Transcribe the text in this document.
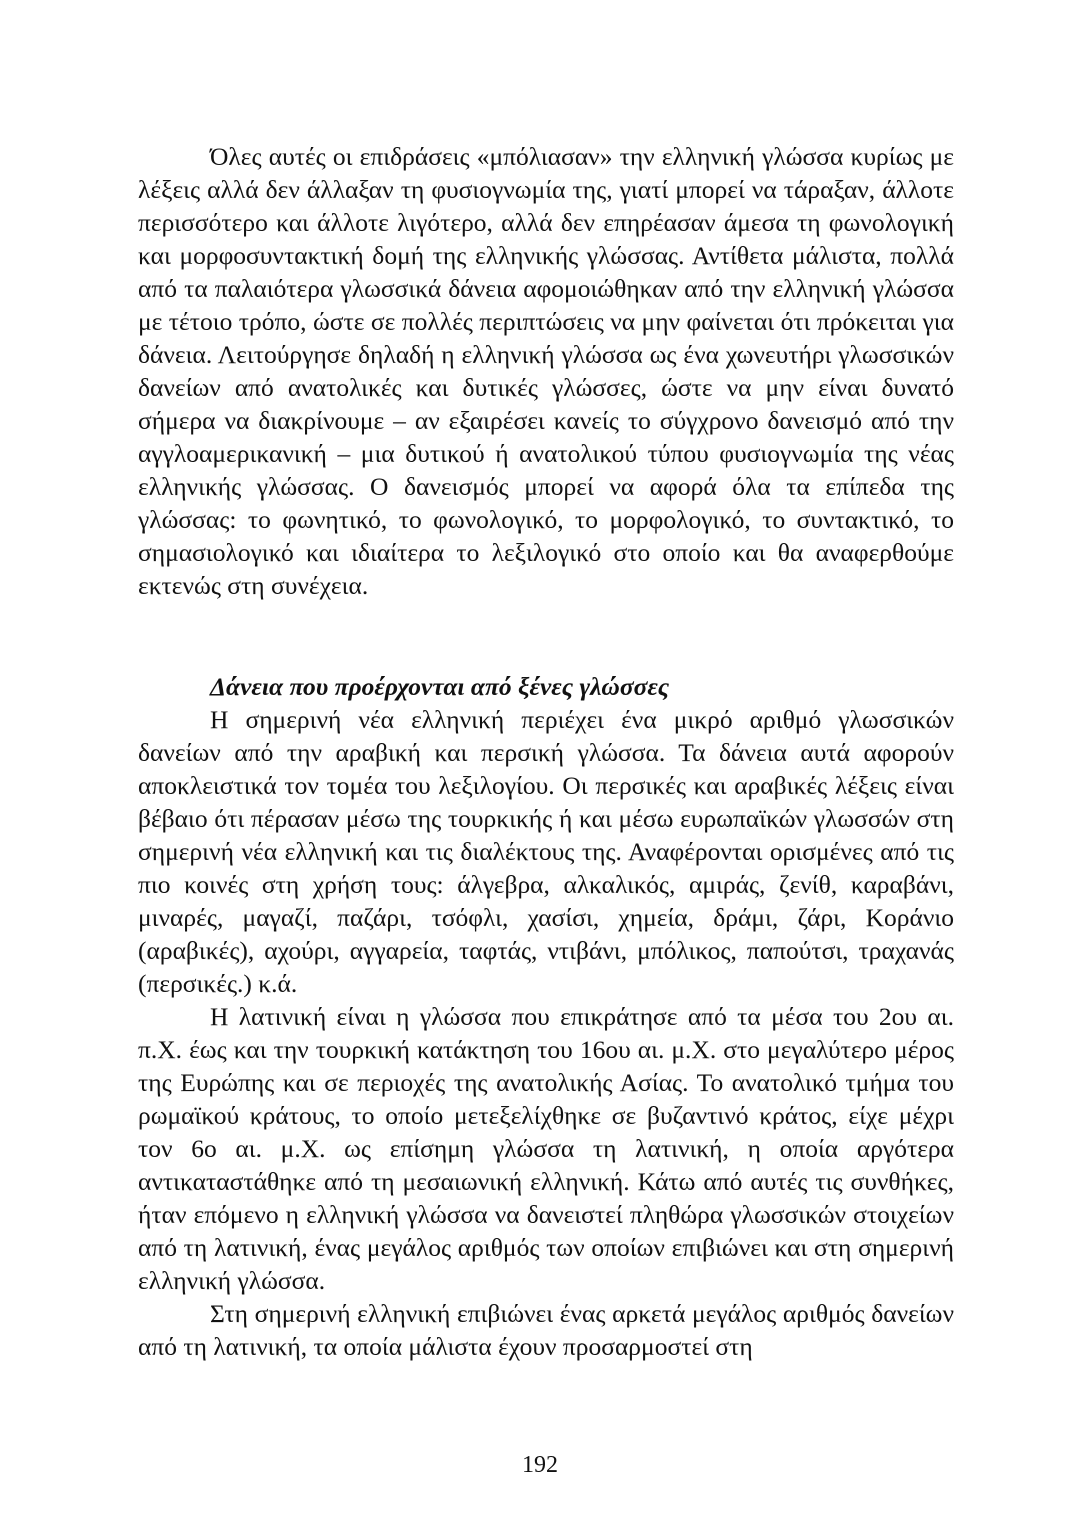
Όλες αυτές οι επιδράσεις «μπόλιασαν» την ελληνική γλώσσα κυρίως με λέξεις αλλά δεν άλλαξαν τη φυσιογνωμία της, γιατί μπορεί να τάραξαν, άλλοτε περισσότερο και άλλοτε λιγότερο, αλλά δεν επηρέασαν άμεσα τη φωνολογική και μορφοσυντακτική δομή της ελληνικής γλώσσας. Αντίθετα μάλιστα, πολλά από τα παλαιότερα γλωσσικά δάνεια αφομοιώθηκαν από την ελληνική γλώσσα με τέτοιο τρόπο, ώστε σε πολλές περιπτώσεις να μην φαίνεται ότι πρόκειται για δάνεια. Λειτούργησε δηλαδή η ελληνική γλώσσα ως ένα χωνευτήρι γλωσσικών δανείων από ανατολικές και δυτικές γλώσσες, ώστε να μην είναι δυνατό σήμερα να διακρίνουμε – αν εξαιρέσει κανείς το σύγχρονο δανεισμό από την αγγλοαμερικανική – μια δυτικού ή ανατολικού τύπου φυσιογνωμία της νέας ελληνικής γλώσσας. Ο δανεισμός μπορεί να αφορά όλα τα επίπεδα της γλώσσας: το φωνητικό, το φωνολογικό, το μορφολογικό, το συντακτικό, το σημασιολογικό και ιδιαίτερα το λεξιλογικό στο οποίο και θα αναφερθούμε εκτενώς στη συνέχεια.

Δάνεια που προέρχονται από ξένες γλώσσες

Η σημερινή νέα ελληνική περιέχει ένα μικρό αριθμό γλωσσικών δανείων από την αραβική και περσική γλώσσα. Τα δάνεια αυτά αφορούν αποκλειστικά τον τομέα του λεξιλογίου. Οι περσικές και αραβικές λέξεις είναι βέβαιο ότι πέρασαν μέσω της τουρκικής ή και μέσω ευρωπαϊκών γλωσσών στη σημερινή νέα ελληνική και τις διαλέκτους της. Αναφέρονται ορισμένες από τις πιο κοινές στη χρήση τους: άλγεβρα, αλκαλικός, αμιράς, ζενίθ, καραβάνι, μιναρές, μαγαζί, παζάρι, τσόφλι, χασίσι, χημεία, δράμι, ζάρι, Κοράνιο (αραβικές), αχούρι, αγγαρεία, ταφτάς, ντιβάνι, μπόλικος, παπούτσι, τραχανάς (περσικές.) κ.ά.

Η λατινική είναι η γλώσσα που επικράτησε από τα μέσα του 2ου αι. π.Χ. έως και την τουρκική κατάκτηση του 16ου αι. μ.Χ. στο μεγαλύτερο μέρος της Ευρώπης και σε περιοχές της ανατολικής Ασίας. Το ανατολικό τμήμα του ρωμαϊκού κράτους, το οποίο μετεξελίχθηκε σε βυζαντινό κράτος, είχε μέχρι τον 6ο αι. μ.Χ. ως επίσημη γλώσσα τη λατινική, η οποία αργότερα αντικαταστάθηκε από τη μεσαιωνική ελληνική. Κάτω από αυτές τις συνθήκες, ήταν επόμενο η ελληνική γλώσσα να δανειστεί πληθώρα γλωσσικών στοιχείων από τη λατινική, ένας μεγάλος αριθμός των οποίων επιβιώνει και στη σημερινή ελληνική γλώσσα.

Στη σημερινή ελληνική επιβιώνει ένας αρκετά μεγάλος αριθμός δανείων από τη λατινική, τα οποία μάλιστα έχουν προσαρμοστεί στη

192
